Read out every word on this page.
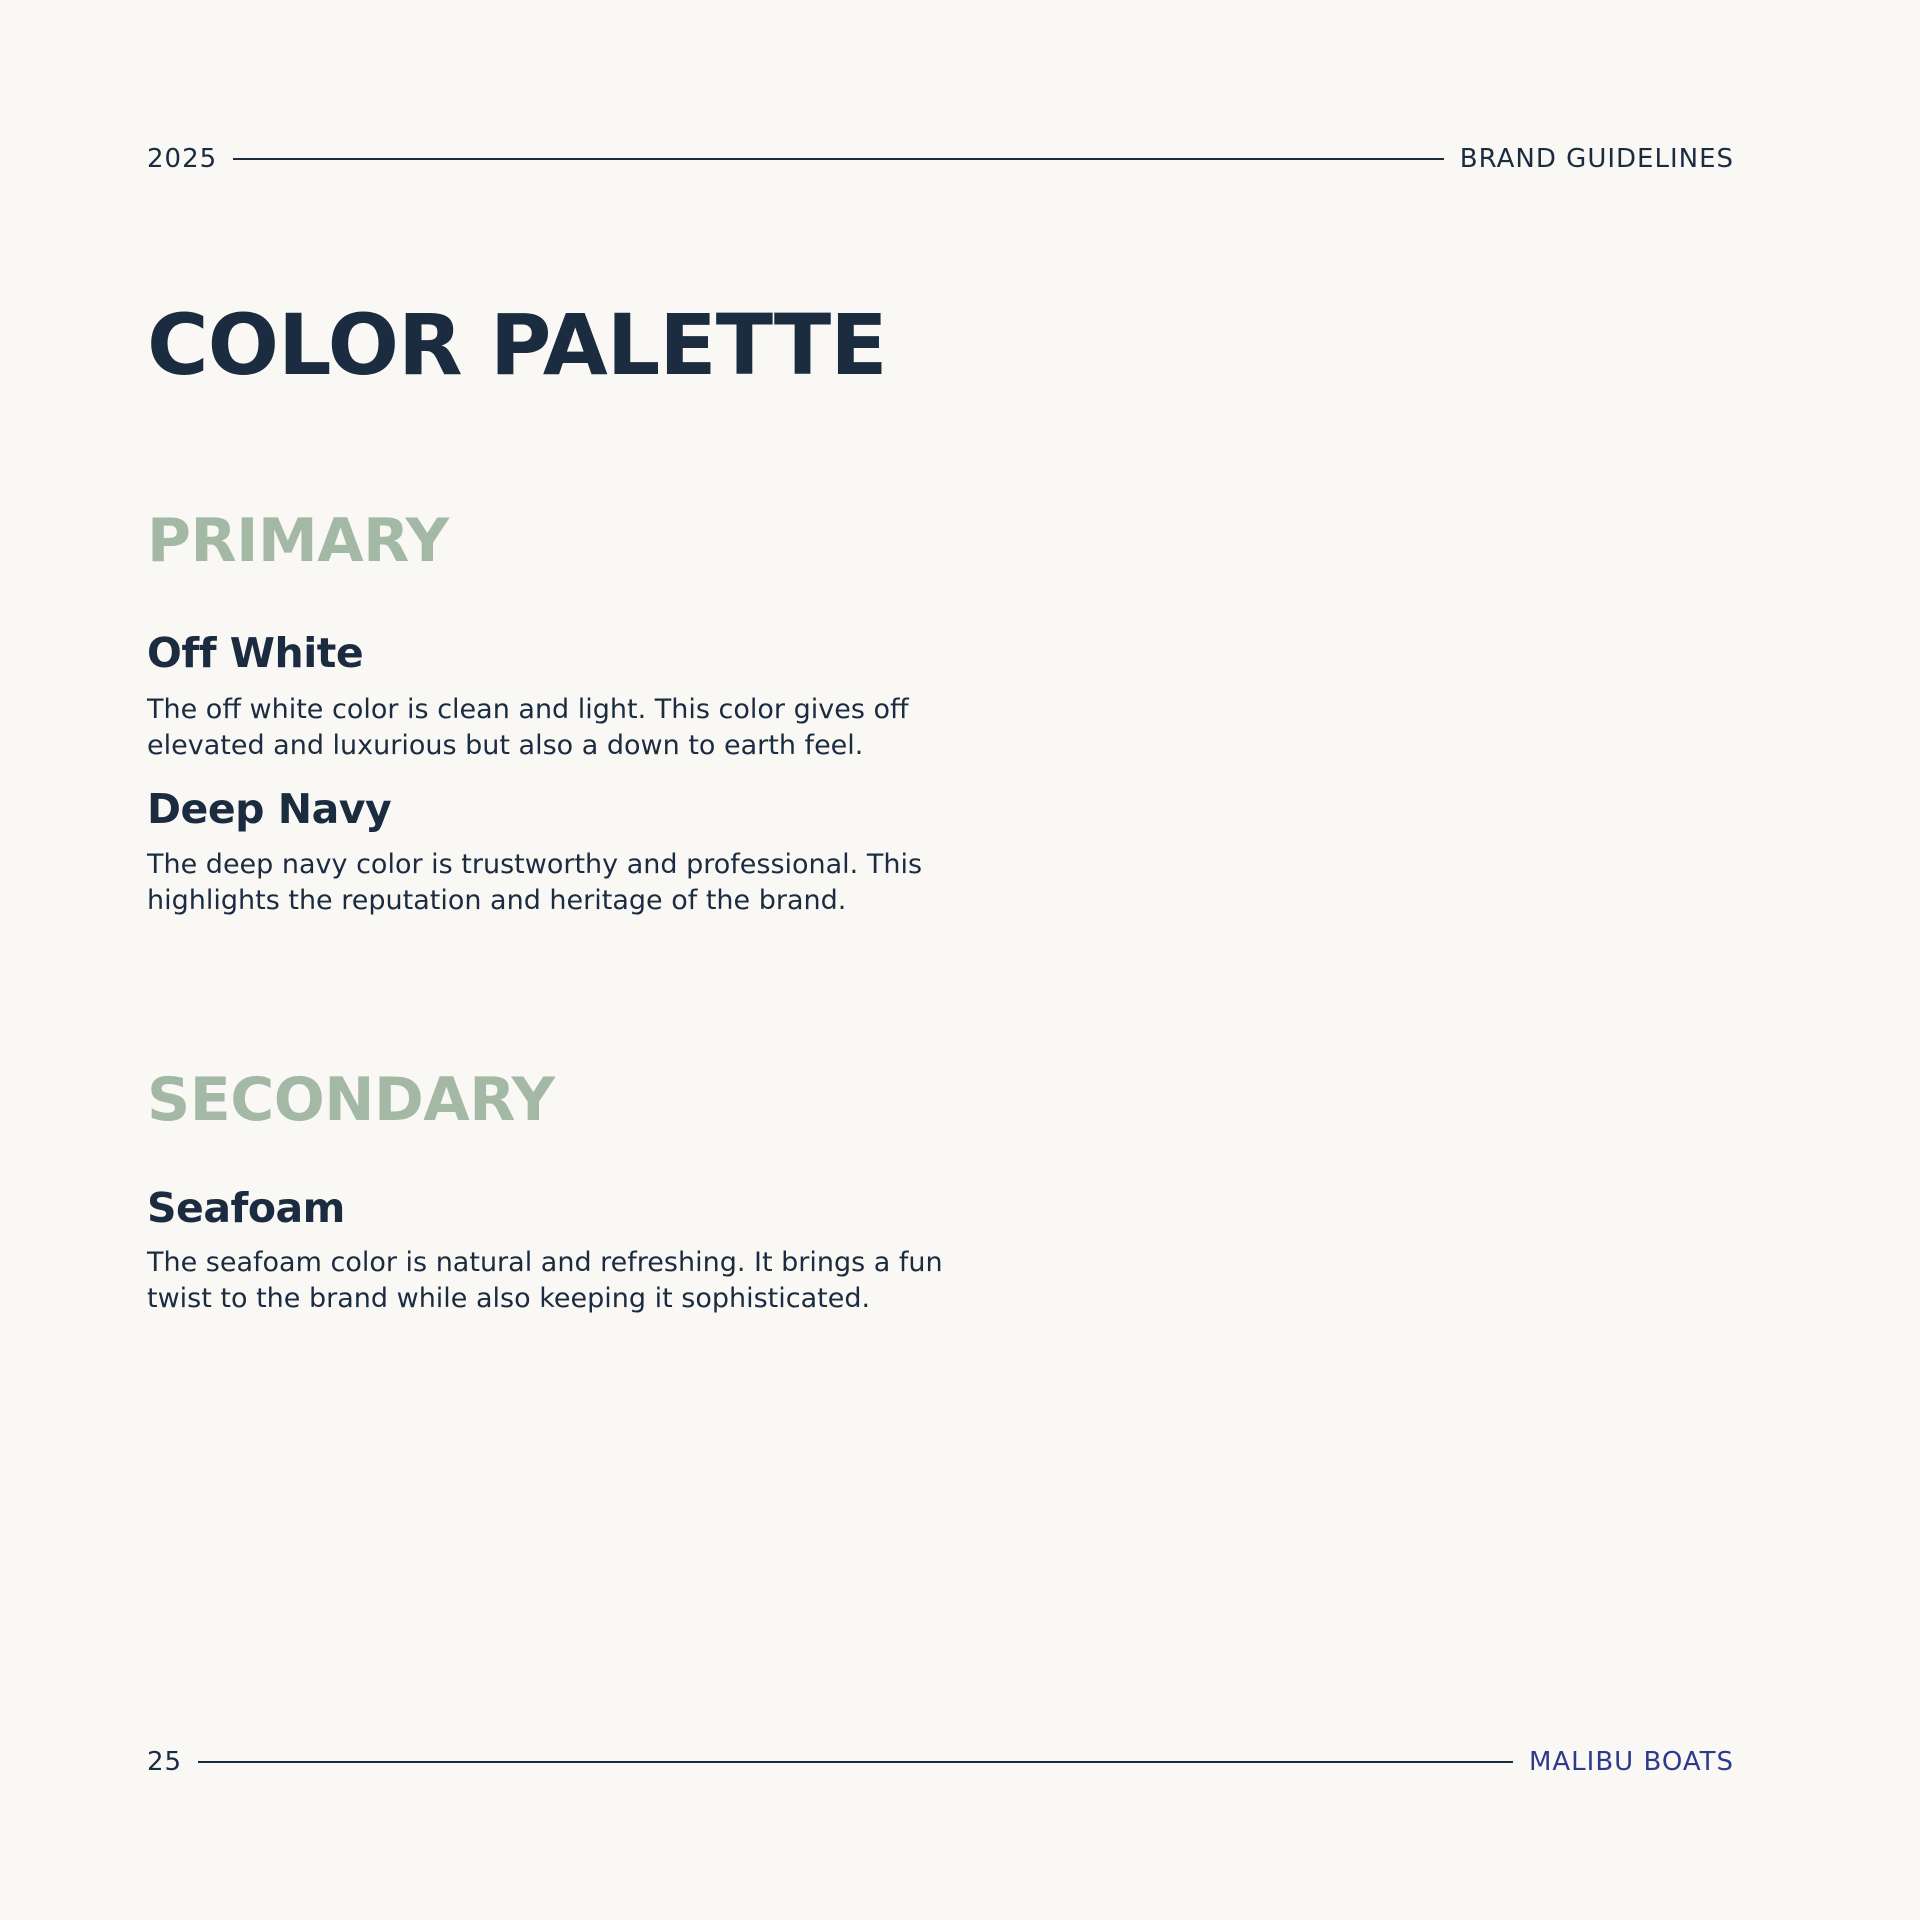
2025	BRAND GUIDELINES
COLOR PALETTE
PRIMARY
Off White

The off white color is clean and light. This color gives off
elevated and luxurious but also a down to earth feel.

Deep Navy

The deep navy color is trustworthy and professional. This
highlights the reputation and heritage of the brand.

SECONDARY
Seafoam

The seafoam color is natural and refreshing. It brings a fun
twist to the brand while also keeping it sophisticated.

25	MALIBU BOATS
